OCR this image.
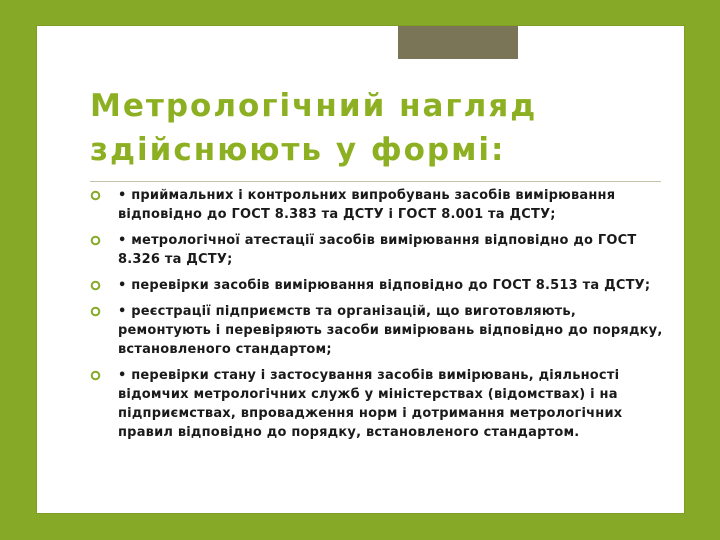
Метрологічний нагляд
здійснюють у формі:
• приймальних і контрольних випробувань засобів вимірювання відповідно до ГОСТ 8.383 та ДСТУ і ГОСТ 8.001 та ДСТУ;
• метрологічної атестації засобів вимірювання відповідно до ГОСТ 8.326 та ДСТУ;
• перевірки засобів вимірювання відповідно до ГОСТ 8.513 та ДСТУ;
• реєстрації підприємств та організацій, що виготовляють, ремонтують і перевіряють засоби вимірювань відповідно до порядку, встановленого стандартом;
• перевірки стану і застосування засобів вимірювань, діяльності відомчих метрологічних служб у міністерствах (відомствах) і на підприємствах, впровадження норм і дотримання метрологічних правил відповідно до порядку, встановленого стандартом.
